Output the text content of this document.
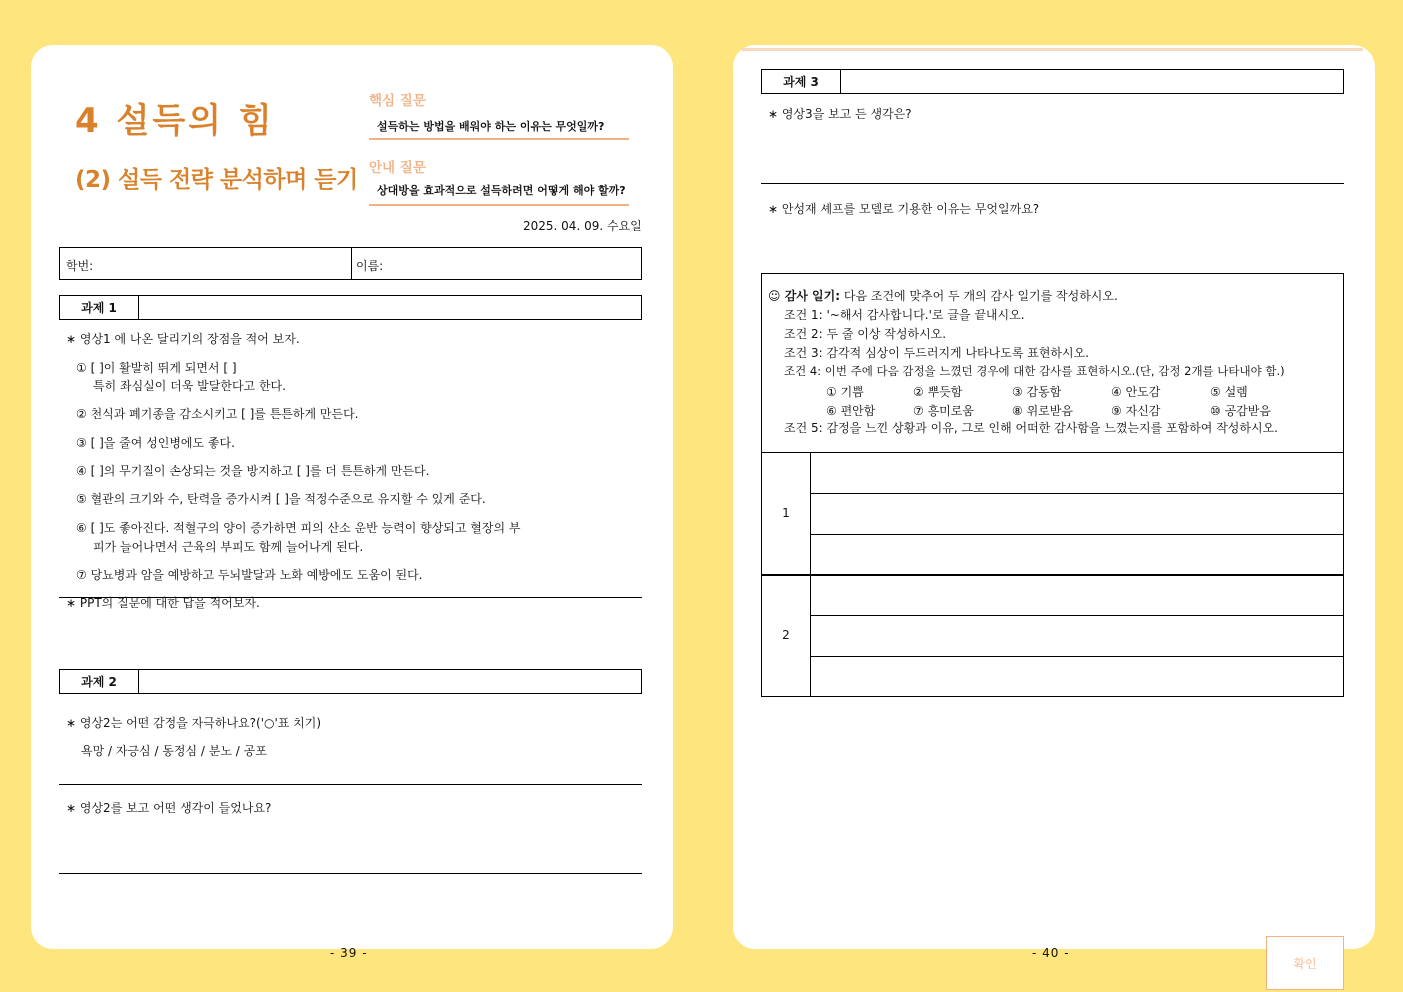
4 설득의 힘
(2) 설득 전략 분석하며 듣기
핵심 질문
설득하는 방법을 배워야 하는 이유는 무엇일까?
안내 질문
상대방을 효과적으로 설득하려면 어떻게 해야 할까?
2025. 04. 09. 수요일
학번:	이름:
과제 1
∗ 영상1 에 나온 달리기의 장점을 적어 보자.
① [ ]이 활발히 뛰게 되면서 [ ]
특히 좌심실이 더욱 발달한다고 한다.
② 천식과 폐기종을 감소시키고 [ ]를 튼튼하게 만든다.
③ [ ]을 줄여 성인병에도 좋다.
④ [ ]의 무기질이 손상되는 것을 방지하고 [ ]를 더 튼튼하게 만든다.
⑤ 혈관의 크기와 수, 탄력을 증가시켜 [ ]을 적정수준으로 유지할 수 있게 준다.
⑥ [ ]도 좋아진다. 적혈구의 양이 증가하면 피의 산소 운반 능력이 향상되고 혈장의 부
피가 늘어나면서 근육의 부피도 함께 늘어나게 된다.
⑦ 당뇨병과 암을 예방하고 두뇌발달과 노화 예방에도 도움이 된다.
∗ PPT의 질문에 대한 답을 적어보자.
과제 2
∗ 영상2는 어떤 감정을 자극하나요?('○'표 치기)
욕망 / 자긍심 / 동정심 / 분노 / 공포
∗ 영상2를 보고 어떤 생각이 들었나요?
- 39 -
과제 3
∗ 영상3을 보고 든 생각은?
∗ 안성재 셰프를 모델로 기용한 이유는 무엇일까요?
☺ 감사 일기: 다음 조건에 맞추어 두 개의 감사 일기를 작성하시오.
조건 1: '~해서 감사합니다.'로 글을 끝내시오.
조건 2: 두 줄 이상 작성하시오.
조건 3: 감각적 심상이 두드러지게 나타나도록 표현하시오.
조건 4: 이번 주에 다음 감정을 느꼈던 경우에 대한 감사를 표현하시오.(단, 감정 2개를 나타내야 함.)
① 기쁨	② 뿌듯함	③ 감동함	④ 안도감	⑤ 설렘
⑥ 편안함	⑦ 흥미로움	⑧ 위로받음	⑨ 자신감	⑩ 공감받음
조건 5: 감정을 느낀 상황과 이유, 그로 인해 어떠한 감사함을 느꼈는지를 포함하여 작성하시오.
1
2
- 40 -
확인
